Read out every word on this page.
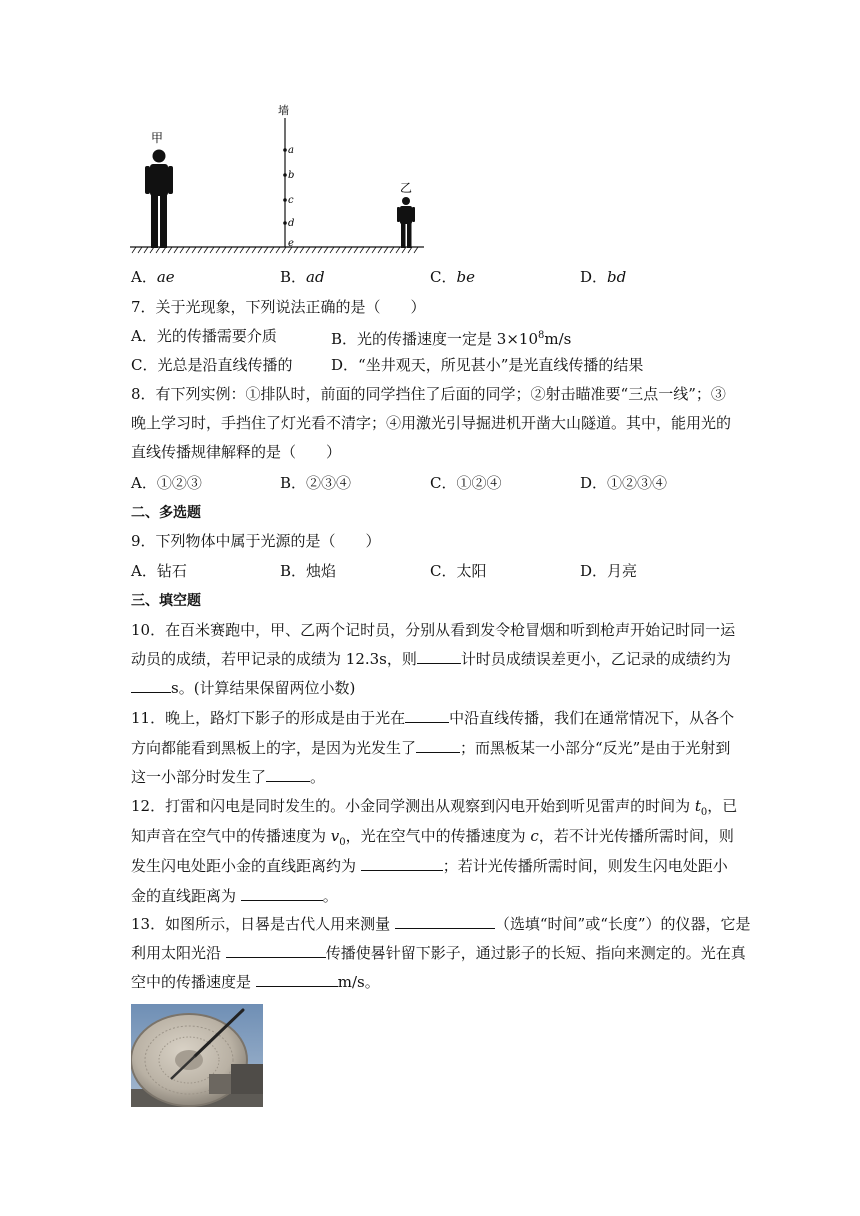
甲
墙
a
b
c
d
e
乙
A．ae	B．ad	C．be	D．bd
7．关于光现象，下列说法正确的是（　　）
A．光的传播需要介质	B．光的传播速度一定是 $3\times 10^8m/s$
C．光总是沿直线传播的	D．“坐井观天，所见甚小”是光直线传播的结果
8．有下列实例：①排队时，前面的同学挡住了后面的同学；②射击瞄准要“三点一线”；③
晚上学习时，手挡住了灯光看不清字；④用激光引导掘进机开凿大山隧道。其中，能用光的
直线传播规律解释的是（　　）
A．①②③	B．②③④	C．①②④	D．①②③④
二、多选题
9．下列物体中属于光源的是（　　）
A．钻石	B．烛焰	C．太阳	D．月亮
三、填空题
10．在百米赛跑中，甲、乙两个记时员，分别从看到发令枪冒烟和听到枪声开始记时同一运
动员的成绩，若甲记录的成绩为 12.3s，则	计时员成绩误差更小，乙记录的成绩约为
s。(计算结果保留两位小数)
11．晚上，路灯下影子的形成是由于光在	中沿直线传播，我们在通常情况下，从各个
方向都能看到黑板上的字，是因为光发生了	；而黑板某一小部分“反光”是由于光射到
这一小部分时发生了	。
12．打雷和闪电是同时发生的。小金同学测出从观察到闪电开始到听见雷声的时间为 $t_0$，已
知声音在空气中的传播速度为 $v_0$，光在空气中的传播速度为 c，若不计光传播所需时间，则
发生闪电处距小金的直线距离约为	；若计光传播所需时间，则发生闪电处距小
金的直线距离为	。
13．如图所示，日晷是古代人用来测量	（选填“时间”或“长度”）的仪器，它是
利用太阳光沿	传播使晷针留下影子，通过影子的长短、指向来测定的。光在真
空中的传播速度是	m/s。
